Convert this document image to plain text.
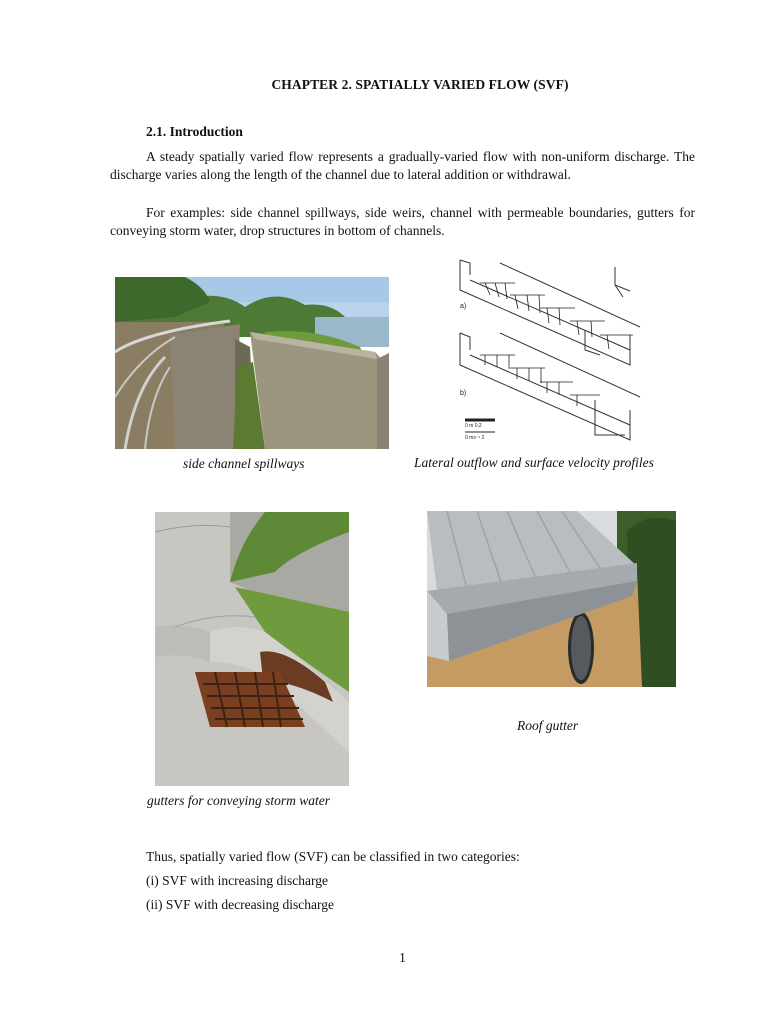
CHAPTER 2. SPATIALLY VARIED FLOW (SVF)
2.1. Introduction

A steady spatially varied flow represents a gradually-varied flow with non-uniform discharge. The discharge varies along the length of the channel due to lateral addition or withdrawal.

For examples: side channel spillways, side weirs, channel with permeable boundaries, gutters for conveying storm water, drop structures in bottom of channels.

side channel spillways
a)
b)
0 m 0.2
0 ms⁻¹ 2
Lateral outflow and surface velocity profiles
gutters for conveying storm water
Roof gutter
Thus, spatially varied flow (SVF) can be classified in two categories:
(i) SVF with increasing discharge
(ii) SVF with decreasing discharge
1
